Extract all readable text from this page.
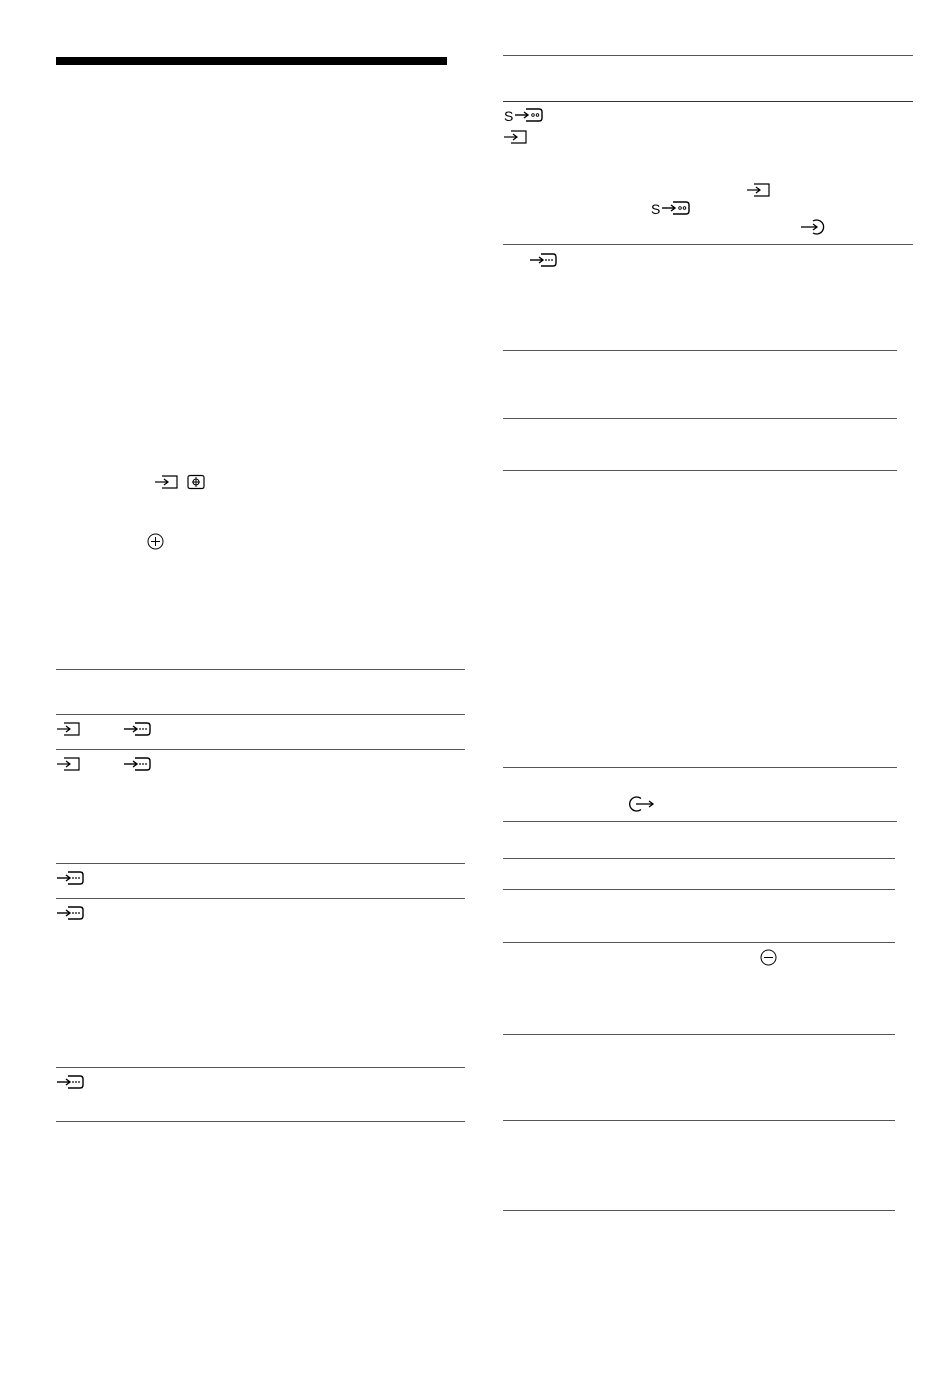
S
S
